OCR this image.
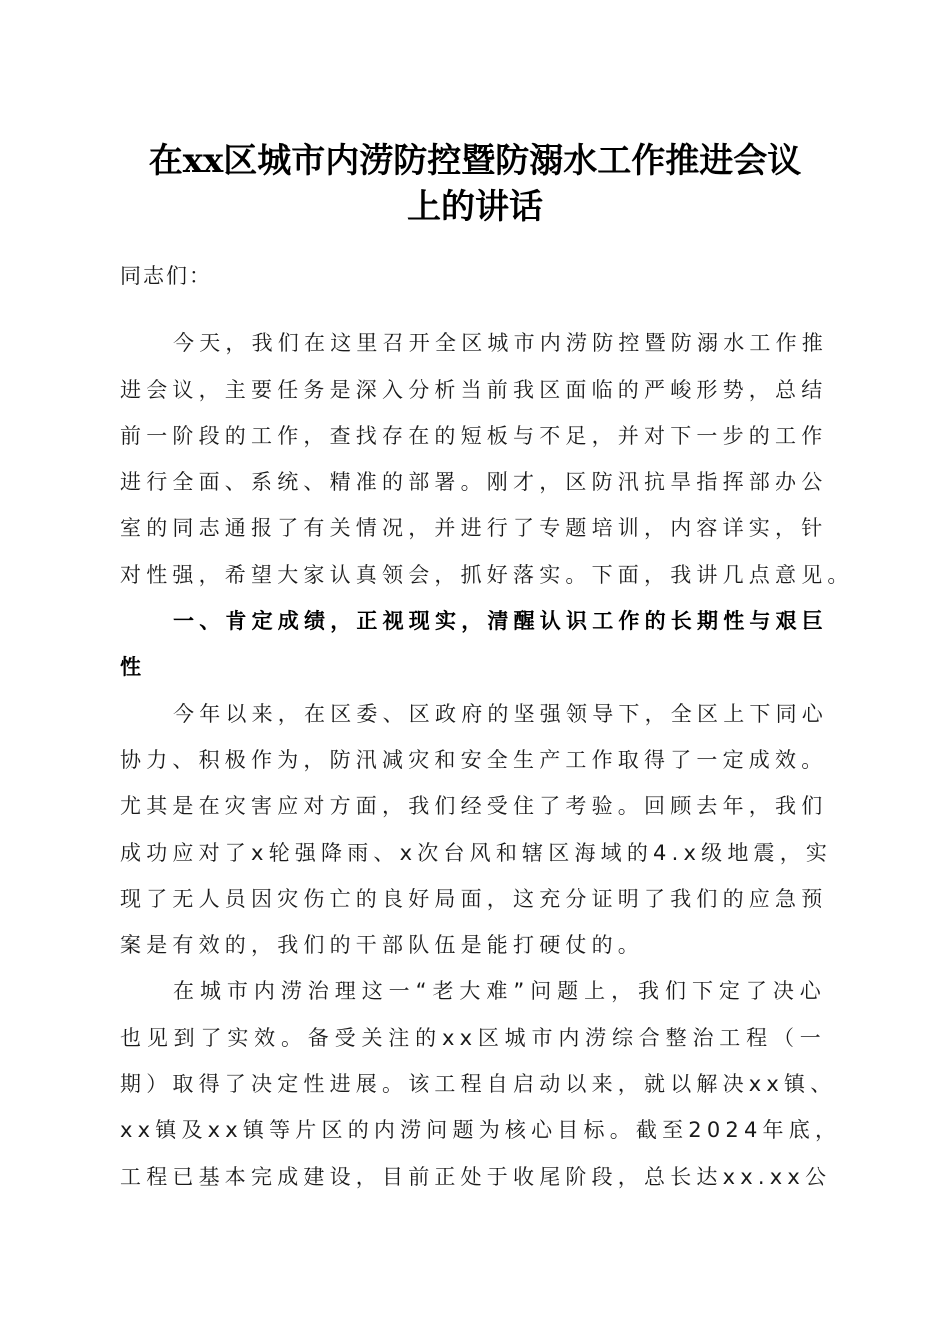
在xx区城市内涝防控暨防溺水工作推进会议
上的讲话
同志们：
今天，我们在这里召开全区城市内涝防控暨防溺水工作推
进会议，主要任务是深入分析当前我区面临的严峻形势，总结
前一阶段的工作，查找存在的短板与不足，并对下一步的工作
进行全面、系统、精准的部署。刚才，区防汛抗旱指挥部办公
室的同志通报了有关情况，并进行了专题培训，内容详实，针
对性强，希望大家认真领会，抓好落实。下面，我讲几点意见。
一、肯定成绩，正视现实，清醒认识工作的长期性与艰巨
性
今年以来，在区委、区政府的坚强领导下，全区上下同心
协力、积极作为，防汛减灾和安全生产工作取得了一定成效。
尤其是在灾害应对方面，我们经受住了考验。回顾去年，我们
成功应对了x轮强降雨、x次台风和辖区海域的4.x级地震，实
现了无人员因灾伤亡的良好局面，这充分证明了我们的应急预
案是有效的，我们的干部队伍是能打硬仗的。
在城市内涝治理这一“老大难”问题上，我们下定了决心
也见到了实效。备受关注的xx区城市内涝综合整治工程（一
期）取得了决定性进展。该工程自启动以来，就以解决xx镇、
xx镇及xx镇等片区的内涝问题为核心目标。截至2024年底，
工程已基本完成建设，目前正处于收尾阶段，总长达xx.xx公
